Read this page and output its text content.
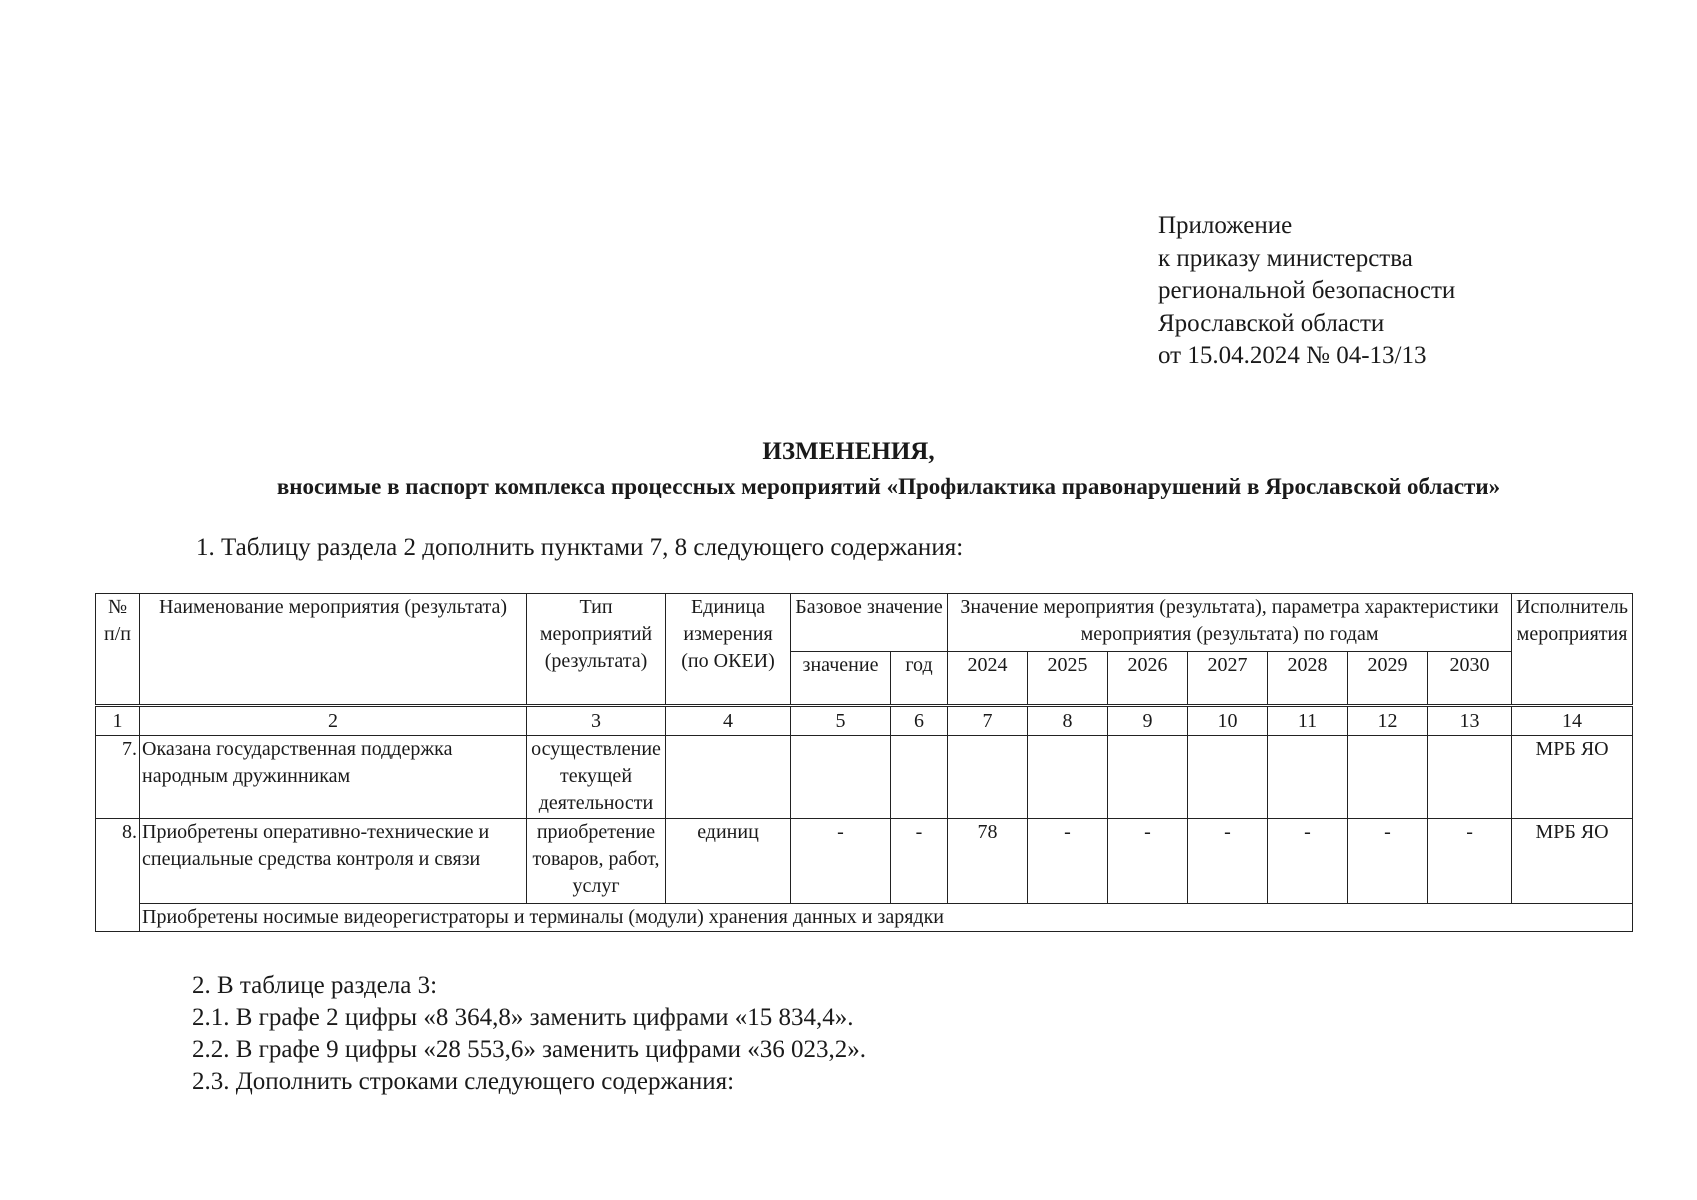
Приложение
к приказу министерства
региональной безопасности
Ярославской области
от 15.04.2024 № 04-13/13
ИЗМЕНЕНИЯ,
вносимые в паспорт комплекса процессных мероприятий «Профилактика правонарушений в Ярославской области»
1. Таблицу раздела 2 дополнить пунктами 7, 8 следующего содержания:
№ п/п	Наименование мероприятия (результата)	Тип мероприятий (результата)	Единица измерения (по ОКЕИ)	Базовое значение		Значение мероприятия (результата), параметра характеристики мероприятия (результата) по годам							Исполнитель мероприятия
				значение	год	2024	2025	2026	2027	2028	2029	2030	
1	2	3	4	5	6	7	8	9	10	11	12	13	14
7.	Оказана государственная поддержка народным дружинникам	осуществление текущей деятельности											МРБ ЯО
8.	Приобретены оперативно-технические и специальные средства контроля и связи	приобретение товаров, работ, услуг	единиц	-	-	78	-	-	-	-	-	-	МРБ ЯО
	Приобретены носимые видеорегистраторы и терминалы (модули) хранения данных и зарядки												
2. В таблице раздела 3:
2.1. В графе 2 цифры «8 364,8» заменить цифрами «15 834,4».
2.2. В графе 9 цифры «28 553,6» заменить цифрами «36 023,2».
2.3. Дополнить строками следующего содержания:
